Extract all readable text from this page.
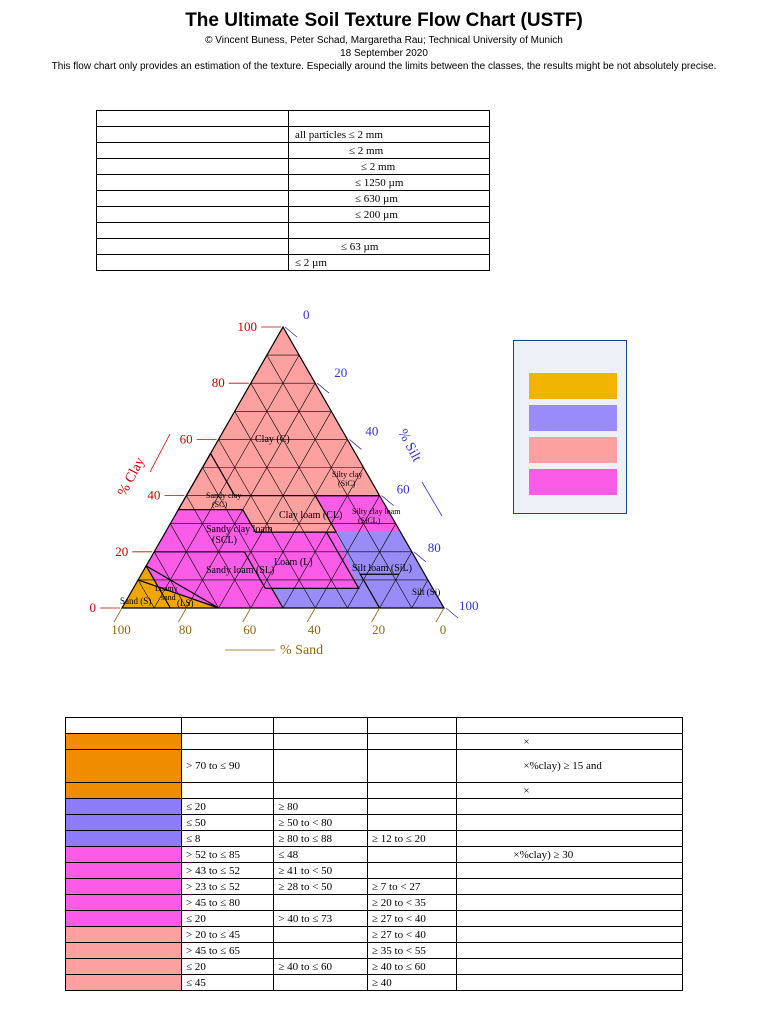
The Ultimate Soil Texture Flow Chart (USTF)
© Vincent Buness, Peter Schad, Margaretha Rau; Technical University of Munich
18 September 2020
This flow chart only provides an estimation of the texture. Especially around the limits between the classes, the results might be not absolutely precise.

	all particles ≤ 2 mm
	≤ 2 mm
	≤ 2 mm
	≤ 1250 µm
	≤ 630 µm
	≤ 200 µm

	≤ 63 µm
	≤ 2 µm
0
20
40
60
80
100
0
20
40
60
80
100
100	80	60	40	20	0
% Clay
% Silt
% Sand
Clay (C)
Silty clay
(SiC)
Sandy clay
(SC)
Clay loam (CL) Silty clay loam
(SiCL)
Sandy clay loam
(SCL)
Loam (L)
Sandy loam (SL)	Silt loam (SiL)
Silt (Si)
Loamy
sand
Sand (S)	(LS)

				×
	> 70 to ≤ 90			×%clay) ≥ 15 and
				×
	≤ 20	≥ 80		
	≤ 50	≥ 50 to < 80		
	≤ 8	≥ 80 to ≤ 88	≥ 12 to ≤ 20	
	> 52 to ≤ 85	≤ 48		×%clay) ≥ 30
	> 43 to ≤ 52	≥ 41 to < 50		
	> 23 to ≤ 52	≥ 28 to < 50	≥ 7 to < 27	
	> 45 to ≤ 80		≥ 20 to < 35	
	≤ 20	> 40 to ≤ 73	≥ 27 to < 40	
	> 20 to ≤ 45		≥ 27 to < 40	
	> 45 to ≤ 65		≥ 35 to < 55	
	≤ 20	≥ 40 to ≤ 60	≥ 40 to ≤ 60	
	≤ 45		≥ 40	
